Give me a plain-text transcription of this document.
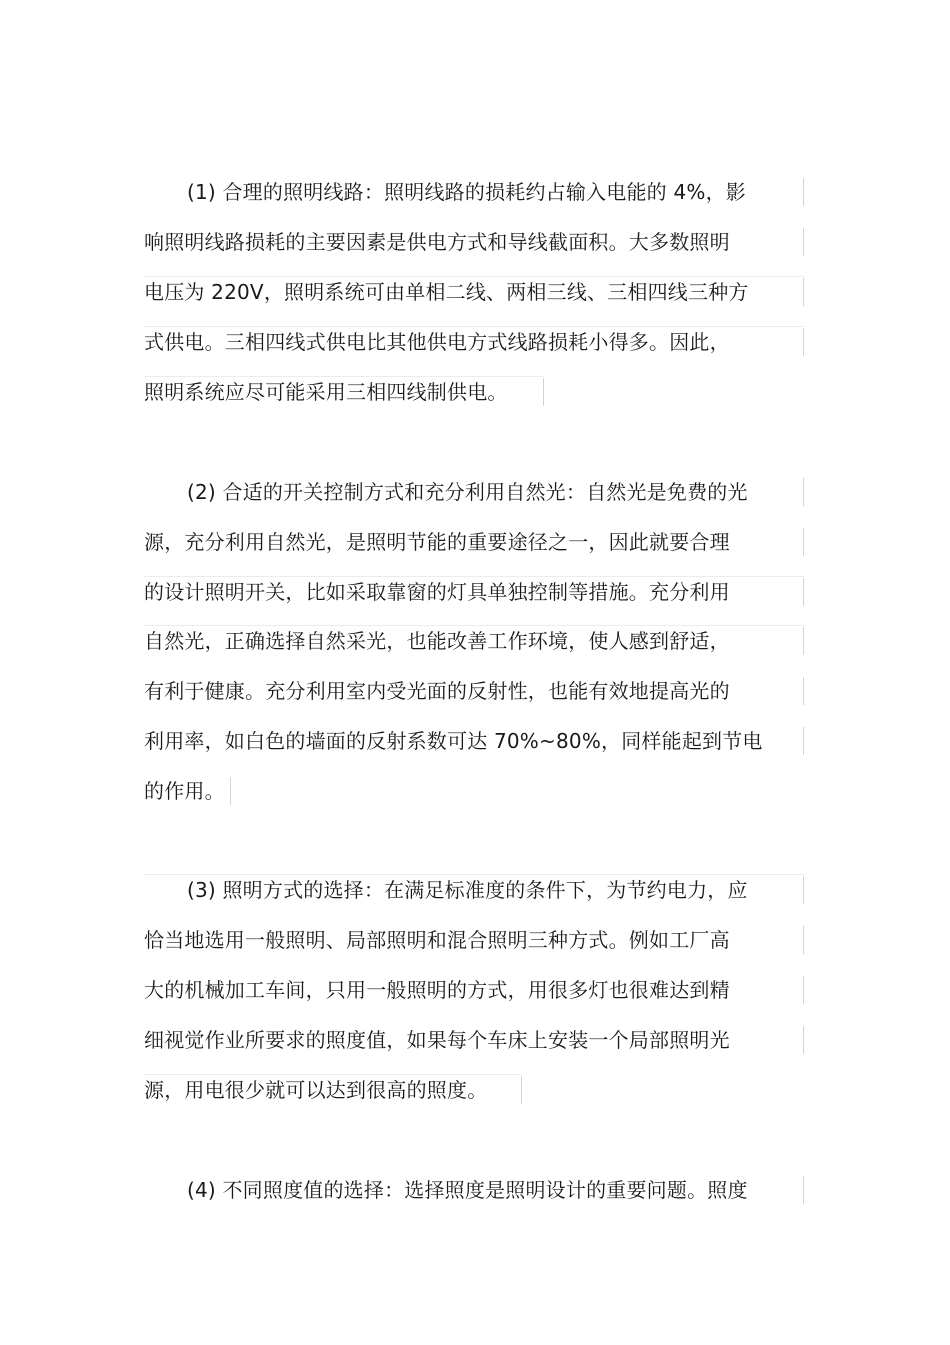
(1) 合理的照明线路：照明线路的损耗约占输入电能的 4%，影
响照明线路损耗的主要因素是供电方式和导线截面积。大多数照明
电压为 220V，照明系统可由单相二线、两相三线、三相四线三种方
式供电。三相四线式供电比其他供电方式线路损耗小得多。因此，
照明系统应尽可能采用三相四线制供电。
(2) 合适的开关控制方式和充分利用自然光：自然光是免费的光
源，充分利用自然光，是照明节能的重要途径之一，因此就要合理
的设计照明开关，比如采取靠窗的灯具单独控制等措施。充分利用
自然光，正确选择自然采光，也能改善工作环境，使人感到舒适，
有利于健康。充分利用室内受光面的反射性，也能有效地提高光的
利用率，如白色的墙面的反射系数可达 70%~80%，同样能起到节电
的作用。
(3) 照明方式的选择：在满足标准度的条件下，为节约电力，应
恰当地选用一般照明、局部照明和混合照明三种方式。例如工厂高
大的机械加工车间，只用一般照明的方式，用很多灯也很难达到精
细视觉作业所要求的照度值，如果每个车床上安装一个局部照明光
源，用电很少就可以达到很高的照度。
(4) 不同照度值的选择：选择照度是照明设计的重要问题。照度
